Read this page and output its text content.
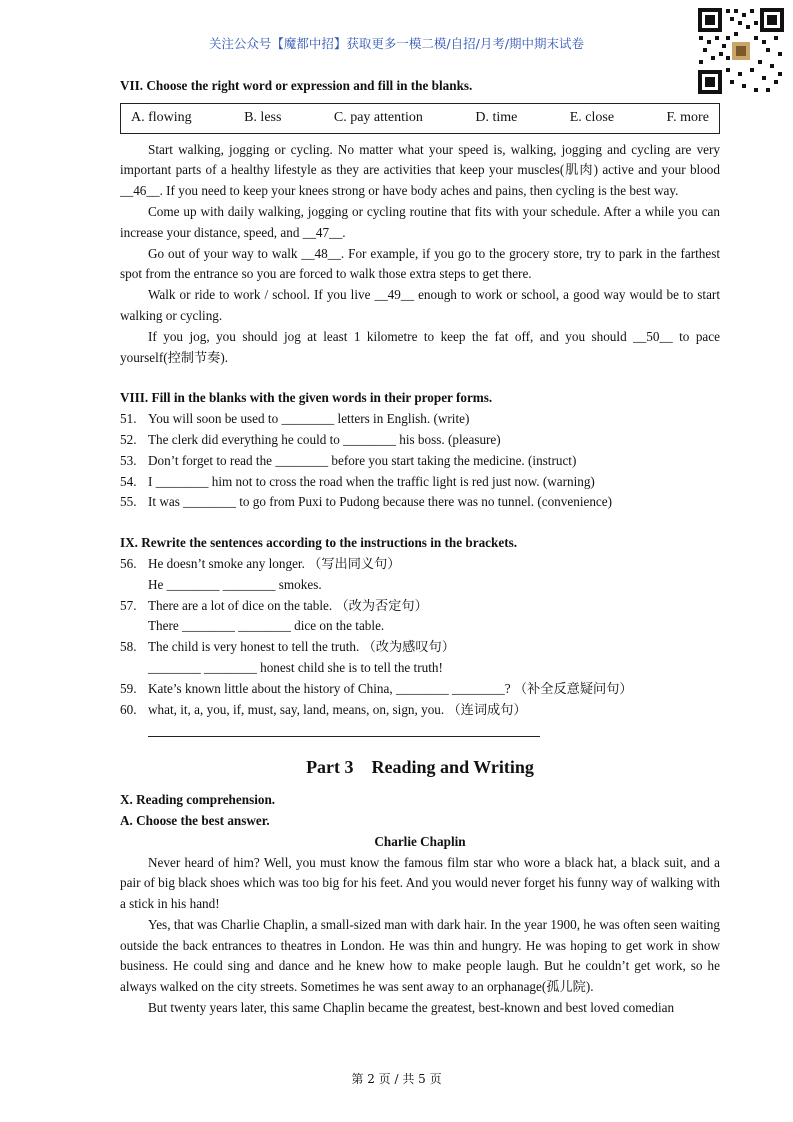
关注公众号【魔都中招】获取更多一模二模/自招/月考/期中期末试卷

VII. Choose the right word or expression and fill in the blanks.

A. flowing	B. less	C. pay attention	D. time	E. close	F. more

Start walking, jogging or cycling. No matter what your speed is, walking, jogging and cycling are very important parts of a healthy lifestyle as they are activities that keep your muscles(肌肉) active and your blood __46__. If you need to keep your knees strong or have body aches and pains, then cycling is the best way.

Come up with daily walking, jogging or cycling routine that fits with your schedule. After a while you can increase your distance, speed, and __47__.

Go out of your way to walk __48__. For example, if you go to the grocery store, try to park in the farthest spot from the entrance so you are forced to walk those extra steps to get there.

Walk or ride to work / school. If you live __49__ enough to work or school, a good way would be to start walking or cycling.

If you jog, you should jog at least 1 kilometre to keep the fat off, and you should __50__ to pace yourself(控制节奏).

VIII. Fill in the blanks with the given words in their proper forms.

51. You will soon be used to ________ letters in English. (write)
52. The clerk did everything he could to ________ his boss. (pleasure)
53. Don’t forget to read the ________ before you start taking the medicine. (instruct)
54. I ________ him not to cross the road when the traffic light is red just now. (warning)
55. It was ________ to go from Puxi to Pudong because there was no tunnel. (convenience)

IX. Rewrite the sentences according to the instructions in the brackets.

56. He doesn’t smoke any longer. （写出同义句）
He ________ ________ smokes.
57. There are a lot of dice on the table. （改为否定句）
There ________ ________ dice on the table.
58. The child is very honest to tell the truth. （改为感叹句）
________ ________ honest child she is to tell the truth!
59. Kate’s known little about the history of China, ________ ________? （补全反意疑问句）
60. what, it, a, you, if, must, say, land, means, on, sign, you. （连词成句）
Part 3    Reading and Writing

X. Reading comprehension.

A. Choose the best answer.

Charlie Chaplin

Never heard of him? Well, you must know the famous film star who wore a black hat, a black suit, and a pair of big black shoes which was too big for his feet. And you would never forget his funny way of walking with a stick in his hand!

Yes, that was Charlie Chaplin, a small-sized man with dark hair. In the year 1900, he was often seen waiting outside the back entrances to theatres in London. He was thin and hungry. He was hoping to get work in show business. He could sing and dance and he knew how to make people laugh. But he couldn’t get work, so he always walked on the city streets. Sometimes he was sent away to an orphanage(孤儿院).

But twenty years later, this same Chaplin became the greatest, best-known and best loved comedian

第 2 页 / 共 5 页
